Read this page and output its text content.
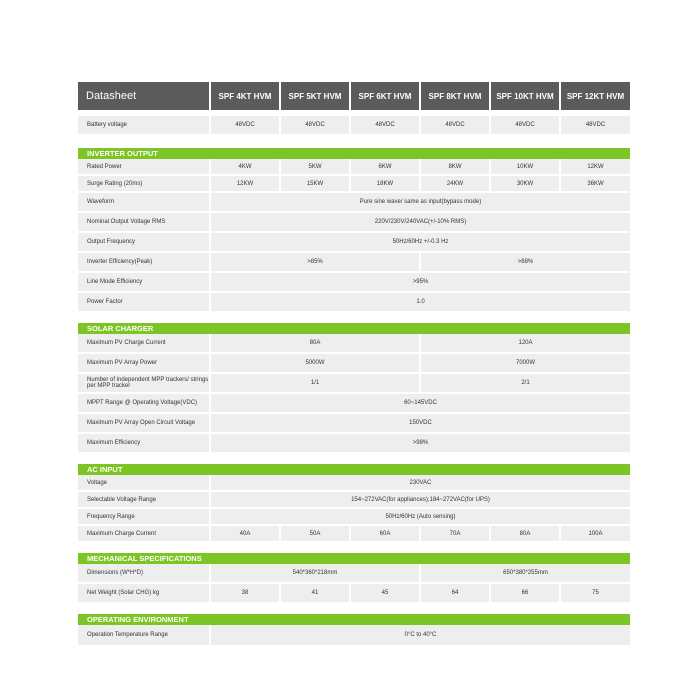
Datasheet	SPF 4KT HVM	SPF 5KT HVM	SPF 6KT HVM	SPF 8KT HVM	SPF 10KT HVM	SPF 12KT HVM

Battery voltage	48VDC	48VDC	48VDC	48VDC	48VDC	48VDC

INVERTER OUTPUT						
Rated Power	4KW	5KW	6KW	8KW	10KW	12KW
Surge Rating (20ms)	12KW	15KW	18KW	24KW	30KW	36KW
Waveform	Pure sine wave/ same as input(bypass mode)					
Nominal Output Voltage RMS	220V/230V/240VAC(+/-10% RMS)					
Output Frequency	50Hz/60Hz +/-0.3 Hz					
Inverter Efficiency(Peak)	>85%			>88%		
Line Mode Efficiency	>95%					
Power Factor	1.0					

SOLAR CHARGER						
Maximum PV Charge Current	80A			120A		
Maximum PV Array Power	5000W			7000W		
Number of independent MPP trackers/ strings per MPP tracker	1/1			2/1		
MPPT Range @ Operating Voltage(VDC)	60~145VDC					
Maximum PV Array Open Circuit Voltage	150VDC					
Maximum Efficiency	>98%					

AC INPUT						
Voltage	230VAC					
Selectable Voltage Range	154~272VAC(for appliances);184~272VAC(for UPS)					
Frequency Range	50Hz/60Hz (Auto sensing)					
Maximum Charge Current	40A	50A	60A	70A	80A	100A

MECHANICAL SPECIFICATIONS						
Dimensions (W*H*D)	540*360*218mm			650*380*255mm		
Net Weight (Solar CHG) kg	38	41	45	64	66	75

OPERATING ENVIRONMENT						
Operation Temperature Range	0°C to 40°C					
